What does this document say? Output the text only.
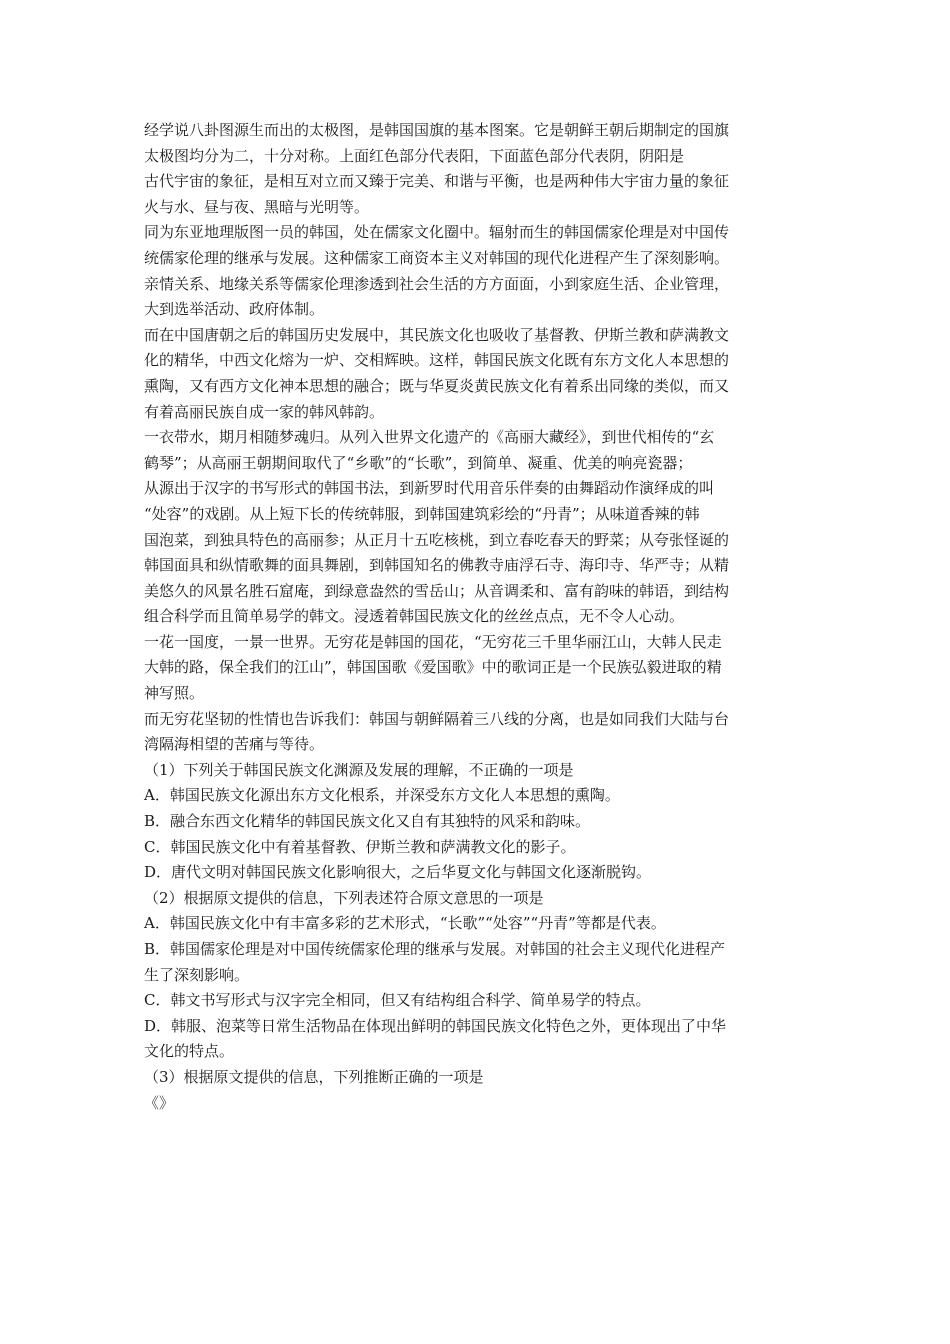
经学说八卦图源生而出的太极图，是韩国国旗的基本图案。它是朝鲜王朝后期制定的国旗
太极图均分为二，十分对称。上面红色部分代表阳，下面蓝色部分代表阴，阴阳是
古代宇宙的象征，是相互对立而又臻于完美、和谐与平衡，也是两种伟大宇宙力量的象征
火与水、昼与夜、黑暗与光明等。
同为东亚地理版图一员的韩国，处在儒家文化圈中。辐射而生的韩国儒家伦理是对中国传
统儒家伦理的继承与发展。这种儒家工商资本主义对韩国的现代化进程产生了深刻影响。
亲情关系、地缘关系等儒家伦理渗透到社会生活的方方面面，小到家庭生活、企业管理，
大到选举活动、政府体制。
而在中国唐朝之后的韩国历史发展中，其民族文化也吸收了基督教、伊斯兰教和萨满教文
化的精华，中西文化熔为一炉、交相辉映。这样，韩国民族文化既有东方文化人本思想的
熏陶，又有西方文化神本思想的融合；既与华夏炎黄民族文化有着系出同缘的类似，而又
有着高丽民族自成一家的韩风韩韵。
一衣带水，期月相随梦魂归。从列入世界文化遗产的《高丽大藏经》，到世代相传的“玄
鹤琴”；从高丽王朝期间取代了“乡歌”的“长歌”，到简单、凝重、优美的响亮瓷器；
从源出于汉字的书写形式的韩国书法，到新罗时代用音乐伴奏的由舞蹈动作演绎成的叫
“处容”的戏剧。从上短下长的传统韩服，到韩国建筑彩绘的“丹青”；从味道香辣的韩
国泡菜，到独具特色的高丽参；从正月十五吃核桃，到立春吃春天的野菜；从夸张怪诞的
韩国面具和纵情歌舞的面具舞剧，到韩国知名的佛教寺庙浮石寺、海印寺、华严寺；从精
美悠久的风景名胜石窟庵，到绿意盎然的雪岳山；从音调柔和、富有韵味的韩语，到结构
组合科学而且简单易学的韩文。浸透着韩国民族文化的丝丝点点，无不令人心动。
一花一国度，一景一世界。无穷花是韩国的国花，“无穷花三千里华丽江山，大韩人民走
大韩的路，保全我们的江山”，韩国国歌《爱国歌》中的歌词正是一个民族弘毅进取的精
神写照。
而无穷花坚韧的性情也告诉我们：韩国与朝鲜隔着三八线的分离，也是如同我们大陆与台
湾隔海相望的苦痛与等待。
（1）下列关于韩国民族文化渊源及发展的理解，不正确的一项是
A．韩国民族文化源出东方文化根系，并深受东方文化人本思想的熏陶。
B．融合东西文化精华的韩国民族文化又自有其独特的风采和韵味。
C．韩国民族文化中有着基督教、伊斯兰教和萨满教文化的影子。
D．唐代文明对韩国民族文化影响很大，之后华夏文化与韩国文化逐渐脱钩。
（2）根据原文提供的信息，下列表述符合原文意思的一项是
A．韩国民族文化中有丰富多彩的艺术形式，“长歌”“处容”“丹青”等都是代表。
B．韩国儒家伦理是对中国传统儒家伦理的继承与发展。对韩国的社会主义现代化进程产
生了深刻影响。
C．韩文书写形式与汉字完全相同，但又有结构组合科学、简单易学的特点。
D．韩服、泡菜等日常生活物品在体现出鲜明的韩国民族文化特色之外，更体现出了中华
文化的特点。
（3）根据原文提供的信息，下列推断正确的一项是
《》
